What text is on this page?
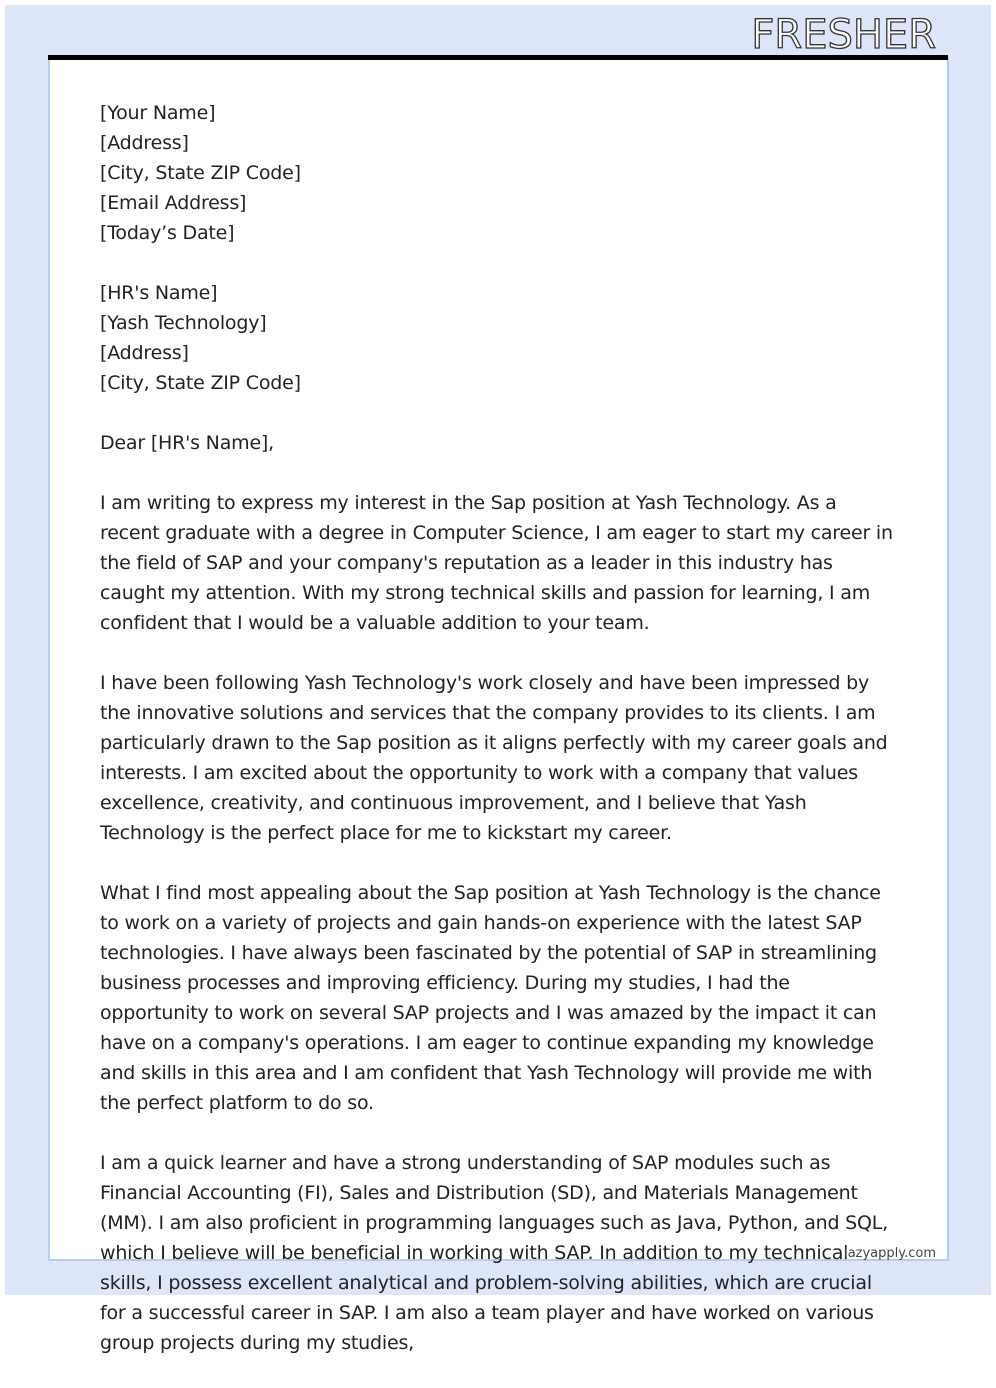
FRESHER

[Your Name]
[Address]
[City, State ZIP Code]
[Email Address]
[Today’s Date]

[HR's Name]
[Yash Technology]
[Address]
[City, State ZIP Code]

Dear [HR's Name],

I am writing to express my interest in the Sap position at Yash Technology. As a recent graduate with a degree in Computer Science, I am eager to start my career in the field of SAP and your company's reputation as a leader in this industry has caught my attention. With my strong technical skills and passion for learning, I am confident that I would be a valuable addition to your team.

I have been following Yash Technology's work closely and have been impressed by the innovative solutions and services that the company provides to its clients. I am particularly drawn to the Sap position as it aligns perfectly with my career goals and interests. I am excited about the opportunity to work with a company that values excellence, creativity, and continuous improvement, and I believe that Yash Technology is the perfect place for me to kickstart my career.

What I find most appealing about the Sap position at Yash Technology is the chance to work on a variety of projects and gain hands-on experience with the latest SAP technologies. I have always been fascinated by the potential of SAP in streamlining business processes and improving efficiency. During my studies, I had the opportunity to work on several SAP projects and I was amazed by the impact it can have on a company's operations. I am eager to continue expanding my knowledge and skills in this area and I am confident that Yash Technology will provide me with the perfect platform to do so.

I am a quick learner and have a strong understanding of SAP modules such as Financial Accounting (FI), Sales and Distribution (SD), and Materials Management (MM). I am also proficient in programming languages such as Java, Python, and SQL, which I believe will be beneficial in working with SAP. In addition to my technical skills, I possess excellent analytical and problem-solving abilities, which are crucial for a successful career in SAP. I am also a team player and have worked on various group projects during my studies,

lazyapply.com
